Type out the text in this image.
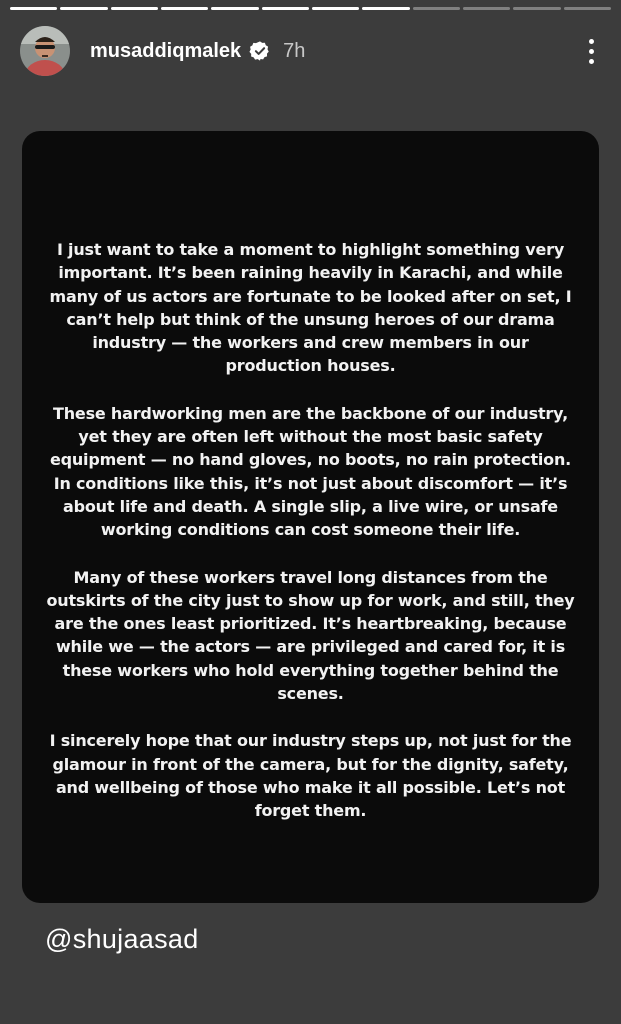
musaddiqmalek 7h

I just want to take a moment to highlight something very important. It’s been raining heavily in Karachi, and while many of us actors are fortunate to be looked after on set, I can’t help but think of the unsung heroes of our drama industry — the workers and crew members in our production houses.

These hardworking men are the backbone of our industry, yet they are often left without the most basic safety equipment — no hand gloves, no boots, no rain protection. In conditions like this, it’s not just about discomfort — it’s about life and death. A single slip, a live wire, or unsafe working conditions can cost someone their life.

Many of these workers travel long distances from the outskirts of the city just to show up for work, and still, they are the ones least prioritized. It’s heartbreaking, because while we — the actors — are privileged and cared for, it is these workers who hold everything together behind the scenes.

I sincerely hope that our industry steps up, not just for the glamour in front of the camera, but for the dignity, safety, and wellbeing of those who make it all possible. Let’s not forget them.

@shujaasad
